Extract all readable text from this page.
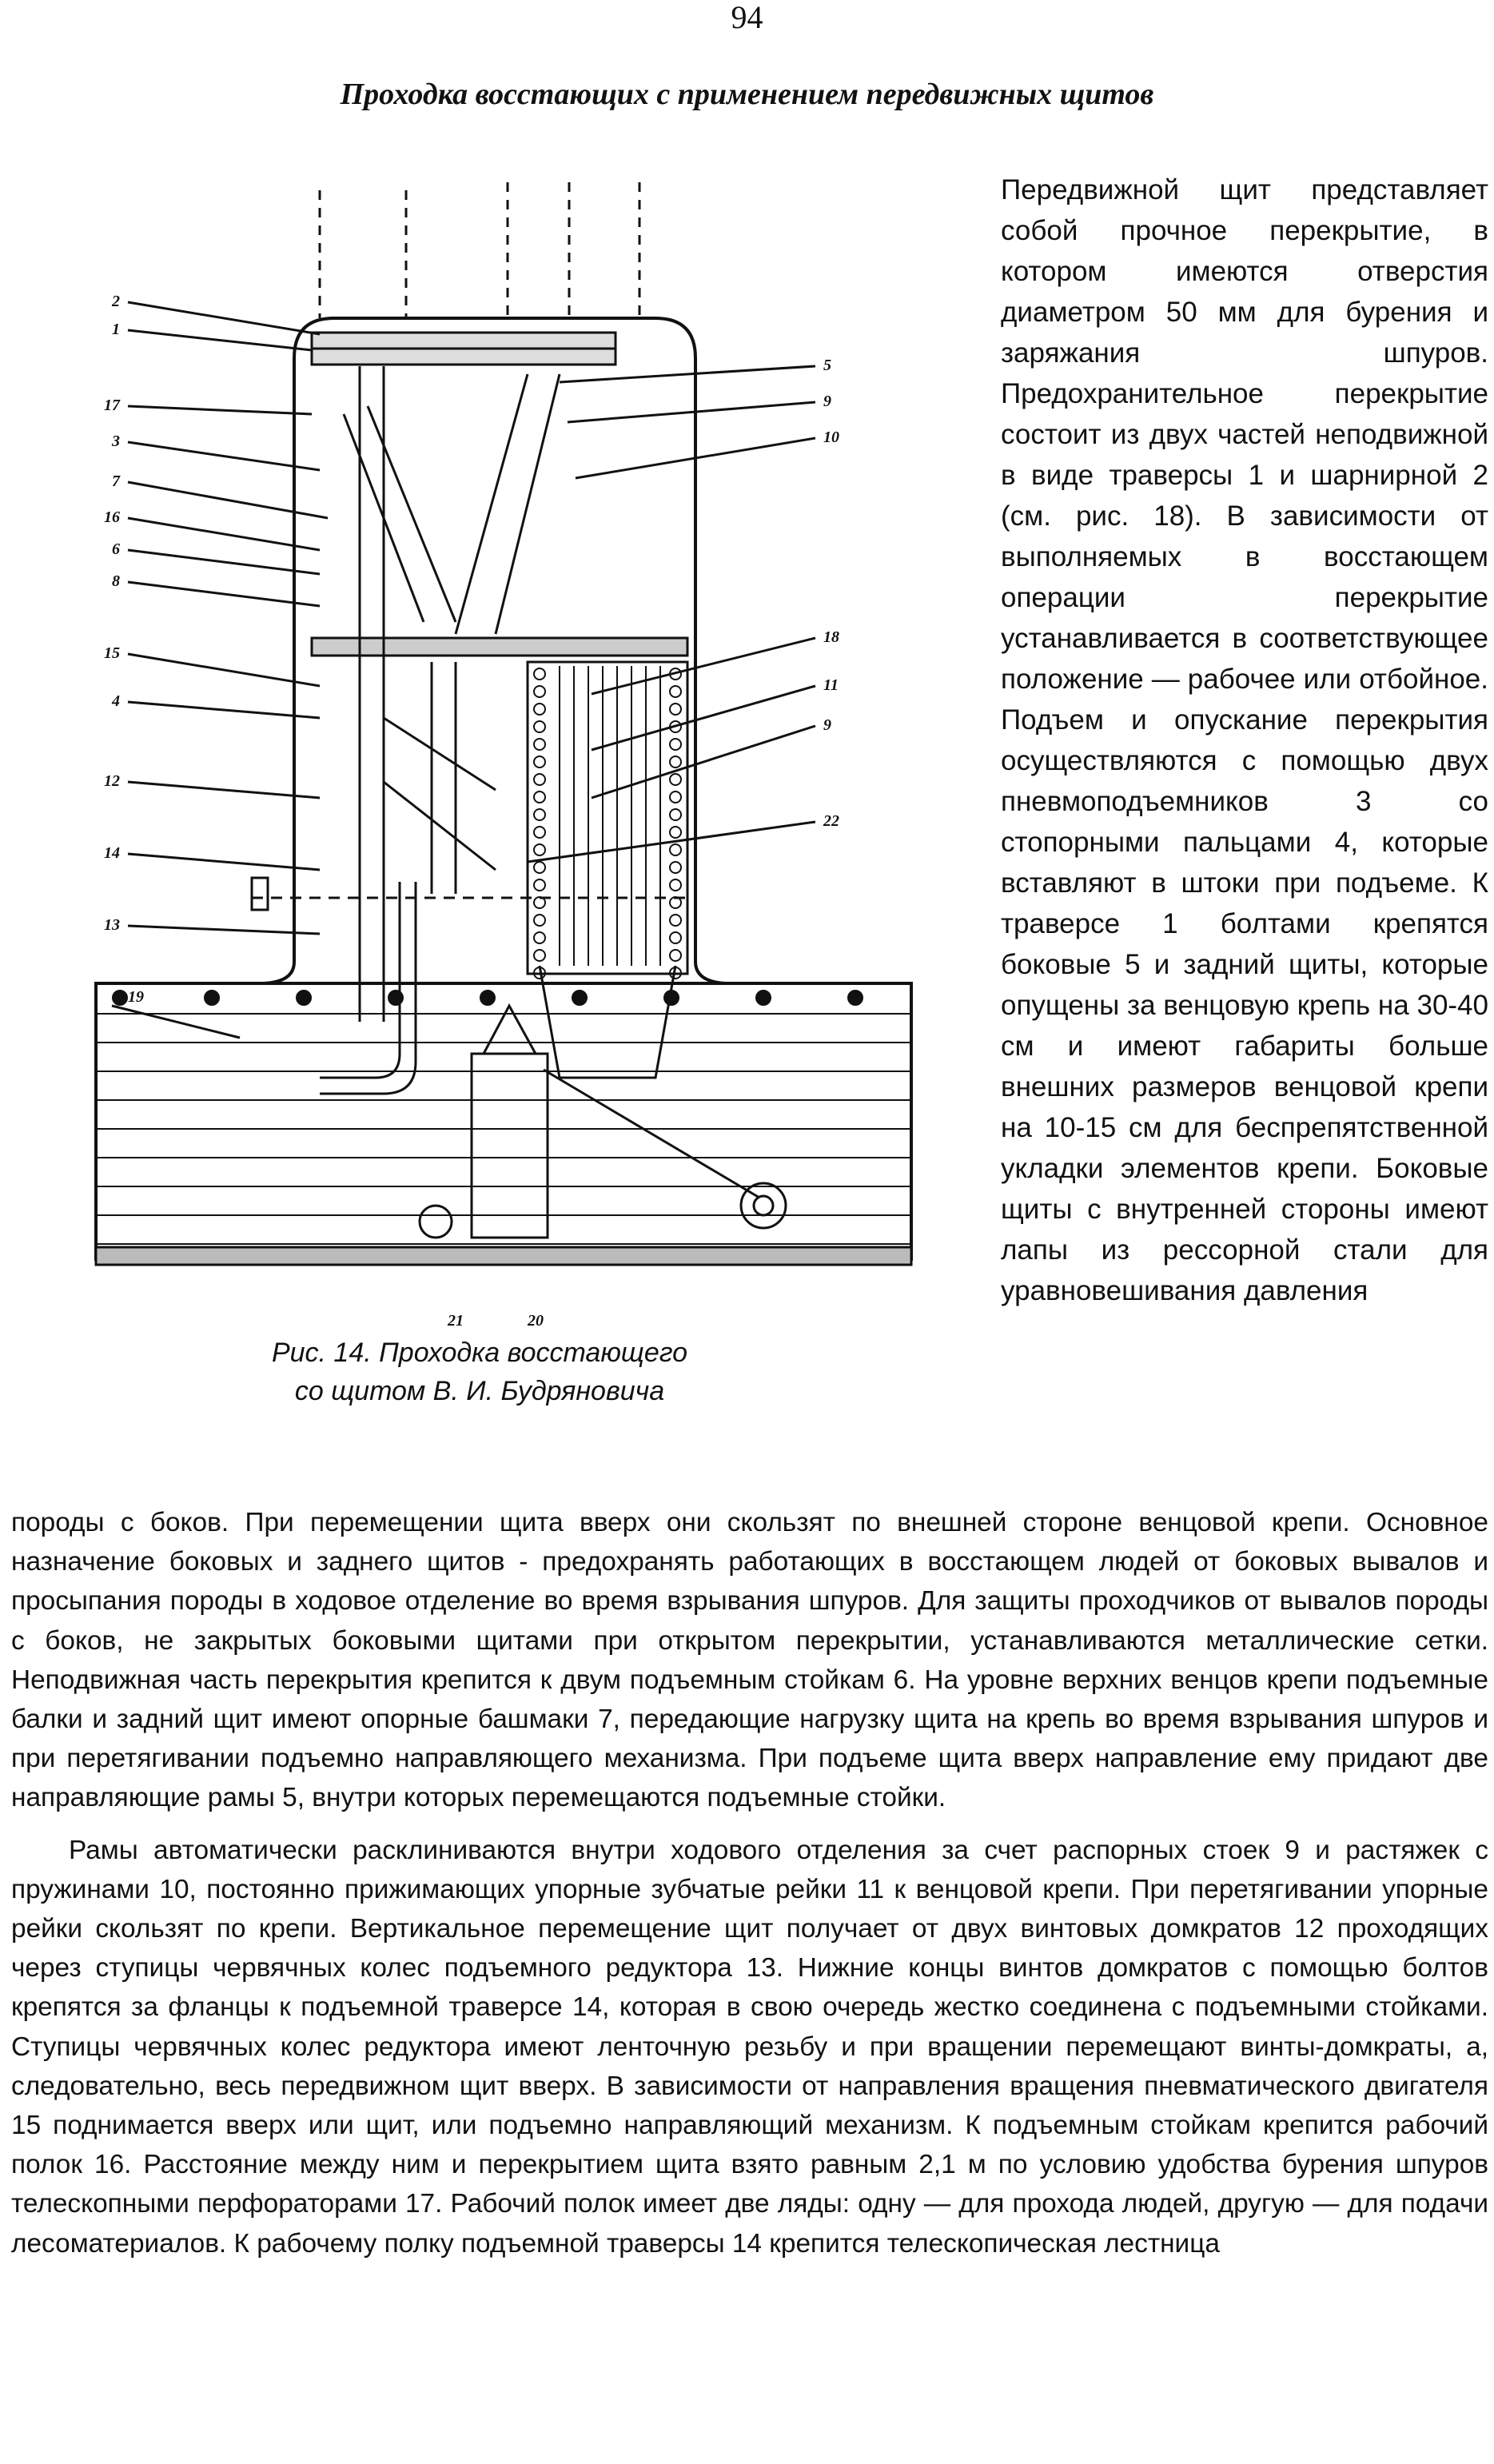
94
Проходка восстающих с применением передвижных щитов
2
1
17
3
7
16
6
8
15
4
12
14
13
19
5
9
10
18
11
9
22
21	20
Рис. 14. Проходка восстающего
со щитом В. И. Будряновича

Передвижной щит представляет собой прочное перекрытие, в котором имеются отверстия диаметром 50 мм для бурения и заряжания шпуров. Предохранительное перекрытие состоит из двух частей неподвижной в виде траверсы 1 и шарнирной 2 (см. рис. 18). В зависимости от выполняемых в восстающем операции перекрытие устанавливается в соответствующее положение — рабочее или отбойное. Подъем и опускание перекрытия осуществляются с помощью двух пневмоподъемников 3 со стопорными пальцами 4, которые вставляют в штоки при подъеме. К траверсе 1 болтами крепятся боковые 5 и задний щиты, которые опущены за венцовую крепь на 30-40 см и имеют габариты больше внешних размеров венцовой крепи на 10-15 см для беспрепятственной укладки элементов крепи. Боковые щиты с внутренней стороны имеют лапы из рессорной стали для уравновешивания давления

породы с боков. При перемещении щита вверх они скользят по внешней стороне венцовой крепи. Основное назначение боковых и заднего щитов - предохранять работающих в восстающем людей от боковых вывалов и просыпания породы в ходовое отделение во время взрывания шпуров. Для защиты проходчиков от вывалов породы с боков, не закрытых боковыми щитами при открытом перекрытии, устанавливаются металлические сетки. Неподвижная часть перекрытия крепится к двум подъемным стойкам 6. На уровне верхних венцов крепи подъемные балки и задний щит имеют опорные башмаки 7, передающие нагрузку щита на крепь во время взрывания шпуров и при перетягивании подъемно направляющего механизма. При подъеме щита вверх направление ему придают две направляющие рамы 5, внутри которых перемещаются подъемные стойки.

Рамы автоматически расклиниваются внутри ходового отделения за счет распорных стоек 9 и растяжек с пружинами 10, постоянно прижимающих упорные зубчатые рейки 11 к венцовой крепи. При перетягивании упорные рейки скользят по крепи. Вертикальное перемещение щит получает от двух винтовых домкратов 12 проходящих через ступицы червячных колес подъемного редуктора 13. Нижние концы винтов домкратов с помощью болтов крепятся за фланцы к подъемной траверсе 14, которая в свою очередь жестко соединена с подъемными стойками. Ступицы червячных колес редуктора имеют ленточную резьбу и при вращении перемещают винты-домкраты, а, следовательно, весь передвижном щит вверх. В зависимости от направления вращения пневматического двигателя 15 поднимается вверх или щит, или подъемно направляющий механизм. К подъемным стойкам крепится рабочий полок 16. Расстояние между ним и перекрытием щита взято равным 2,1 м по условию удобства бурения шпуров телескопными перфораторами 17. Рабочий полок имеет две ляды: одну — для прохода людей, другую — для подачи лесоматериалов. К рабочему полку подъемной траверсы 14 крепится телескопическая лестница
